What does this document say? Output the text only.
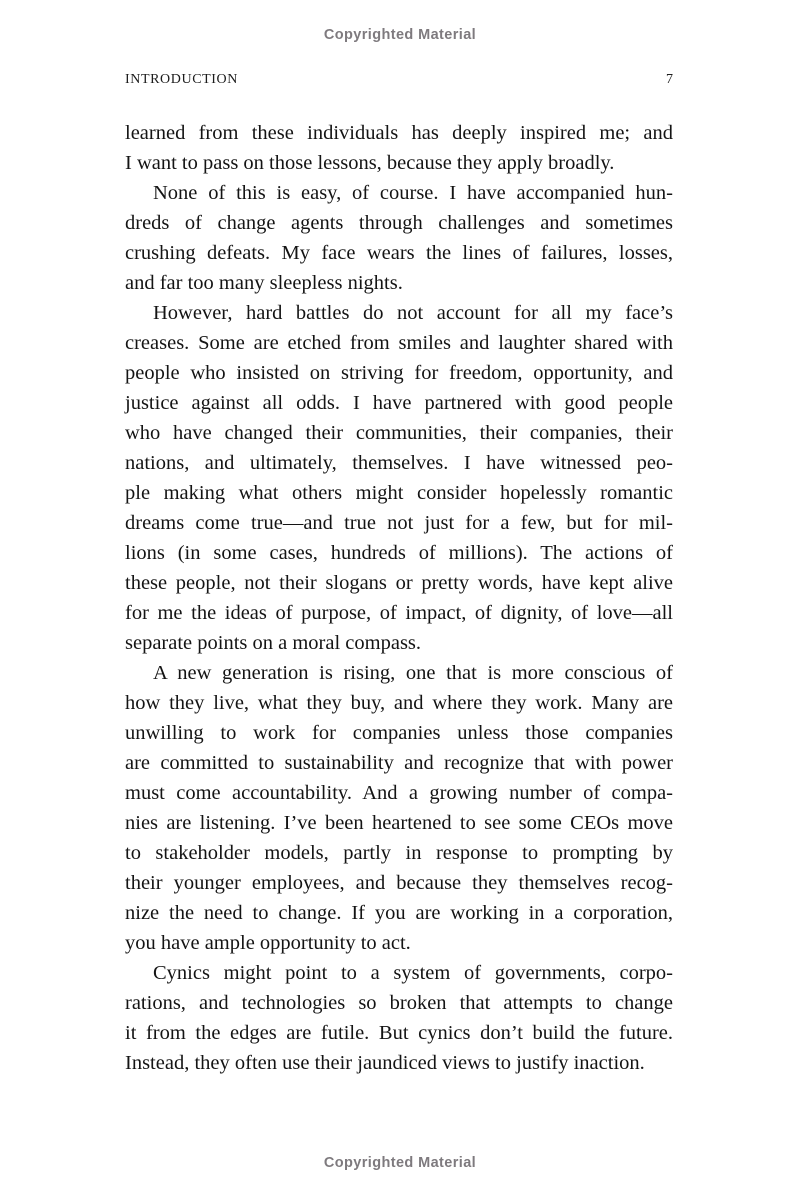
Copyrighted Material
INTRODUCTION	7
learned from these individuals has deeply inspired me; and
I want to pass on those lessons, because they apply broadly.
None of this is easy, of course. I have accompanied hun-
dreds of change agents through challenges and sometimes
crushing defeats. My face wears the lines of failures, losses,
and far too many sleepless nights.
However, hard battles do not account for all my face’s
creases. Some are etched from smiles and laughter shared with
people who insisted on striving for freedom, opportunity, and
justice against all odds. I have partnered with good people
who have changed their communities, their companies, their
nations, and ultimately, themselves. I have witnessed peo-
ple making what others might consider hopelessly romantic
dreams come true—and true not just for a few, but for mil-
lions (in some cases, hundreds of millions). The actions of
these people, not their slogans or pretty words, have kept alive
for me the ideas of purpose, of impact, of dignity, of love—all
separate points on a moral compass.
A new generation is rising, one that is more conscious of
how they live, what they buy, and where they work. Many are
unwilling to work for companies unless those companies
are committed to sustainability and recognize that with power
must come accountability. And a growing number of compa-
nies are listening. I’ve been heartened to see some CEOs move
to stakeholder models, partly in response to prompting by
their younger employees, and because they themselves recog-
nize the need to change. If you are working in a corporation,
you have ample opportunity to act.
Cynics might point to a system of governments, corpo-
rations, and technologies so broken that attempts to change
it from the edges are futile. But cynics don’t build the future.
Instead, they often use their jaundiced views to justify inaction.
Copyrighted Material
